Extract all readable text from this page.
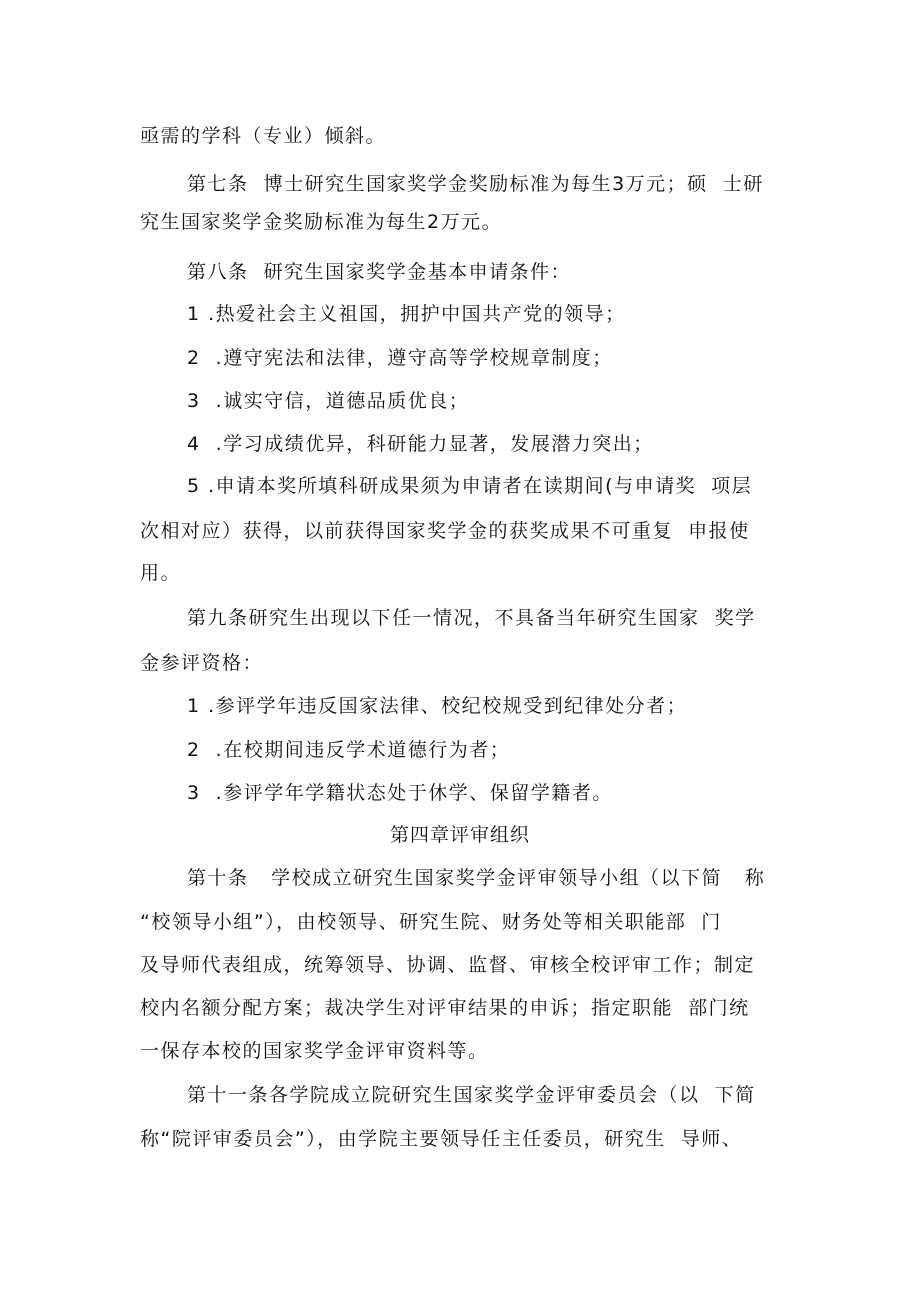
亟需的学科（专业）倾斜。
第七条  博士研究生国家奖学金奖励标准为每生3万元；硕  士研
究生国家奖学金奖励标准为每生2万元。
第八条  研究生国家奖学金基本申请条件：
1 .热爱社会主义祖国，拥护中国共产党的领导；
2  .遵守宪法和法律，遵守高等学校规章制度；
3  .诚实守信，道德品质优良；
4  .学习成绩优异，科研能力显著，发展潜力突出；
5 .申请本奖所填科研成果须为申请者在读期间(与申请奖  项层
次相对应）获得，以前获得国家奖学金的获奖成果不可重复  申报使
用。
第九条研究生出现以下任一情况，不具备当年研究生国家  奖学
金参评资格：
1 .参评学年违反国家法律、校纪校规受到纪律处分者；
2  .在校期间违反学术道德行为者；
3  .参评学年学籍状态处于休学、保留学籍者。
第四章评审组织
第十条   学校成立研究生国家奖学金评审领导小组（以下简   称
“校领导小组”），由校领导、研究生院、财务处等相关职能部  门
及导师代表组成，统筹领导、协调、监督、审核全校评审工作；制定
校内名额分配方案；裁决学生对评审结果的申诉；指定职能  部门统
一保存本校的国家奖学金评审资料等。
第十一条各学院成立院研究生国家奖学金评审委员会（以  下简
称“院评审委员会”），由学院主要领导任主任委员，研究生  导师、
